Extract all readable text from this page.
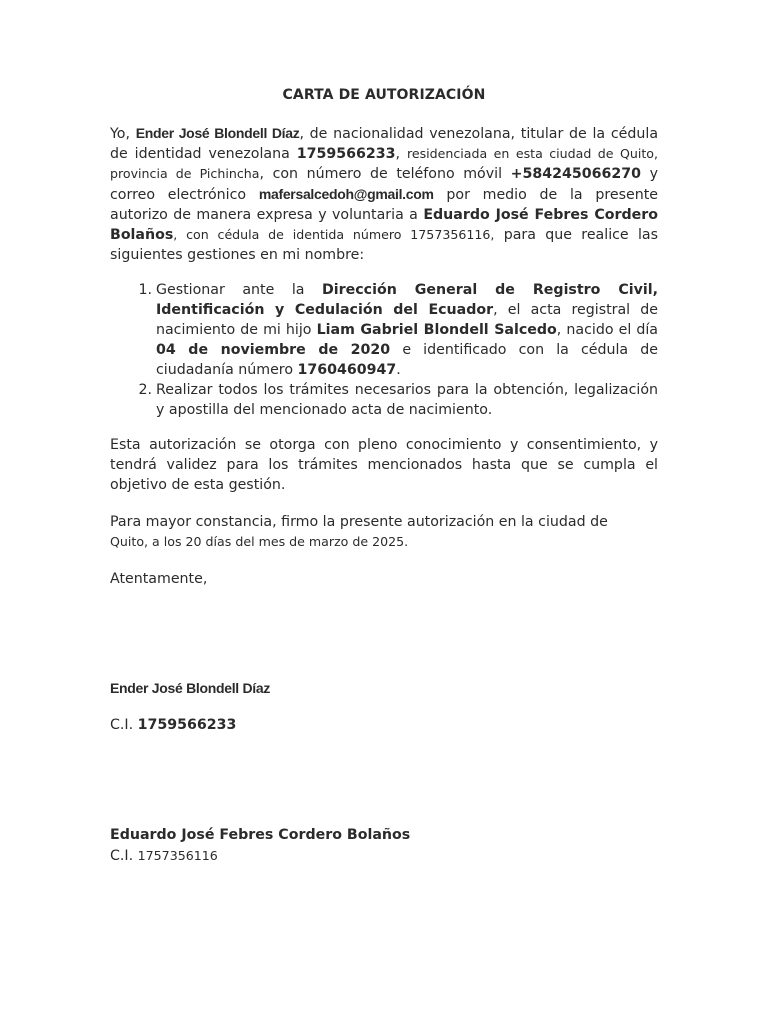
CARTA DE AUTORIZACIÓN

Yo, Ender José Blondell Díaz, de nacionalidad venezolana, titular de la cédula de identidad venezolana 1759566233, residenciada en esta ciudad de Quito, provincia de Pichincha, con número de teléfono móvil +584245066270 y correo electrónico mafersalcedoh@gmail.com por medio de la presente autorizo de manera expresa y voluntaria a Eduardo José Febres Cordero Bolaños, con cédula de identida número 1757356116, para que realice las siguientes gestiones en mi nombre:

1. Gestionar ante la Dirección General de Registro Civil, Identificación y Cedulación del Ecuador, el acta registral de nacimiento de mi hijo Liam Gabriel Blondell Salcedo, nacido el día 04 de noviembre de 2020 e identificado con la cédula de ciudadanía número 1760460947.
2. Realizar todos los trámites necesarios para la obtención, legalización y apostilla del mencionado acta de nacimiento.

Esta autorización se otorga con pleno conocimiento y consentimiento, y tendrá validez para los trámites mencionados hasta que se cumpla el objetivo de esta gestión.

Para mayor constancia, firmo la presente autorización en la ciudad de

Quito, a los 20 días del mes de marzo de 2025.

Atentamente,
Ender José Blondell Díaz
C.I. 1759566233
Eduardo José Febres Cordero Bolaños
C.I. 1757356116
